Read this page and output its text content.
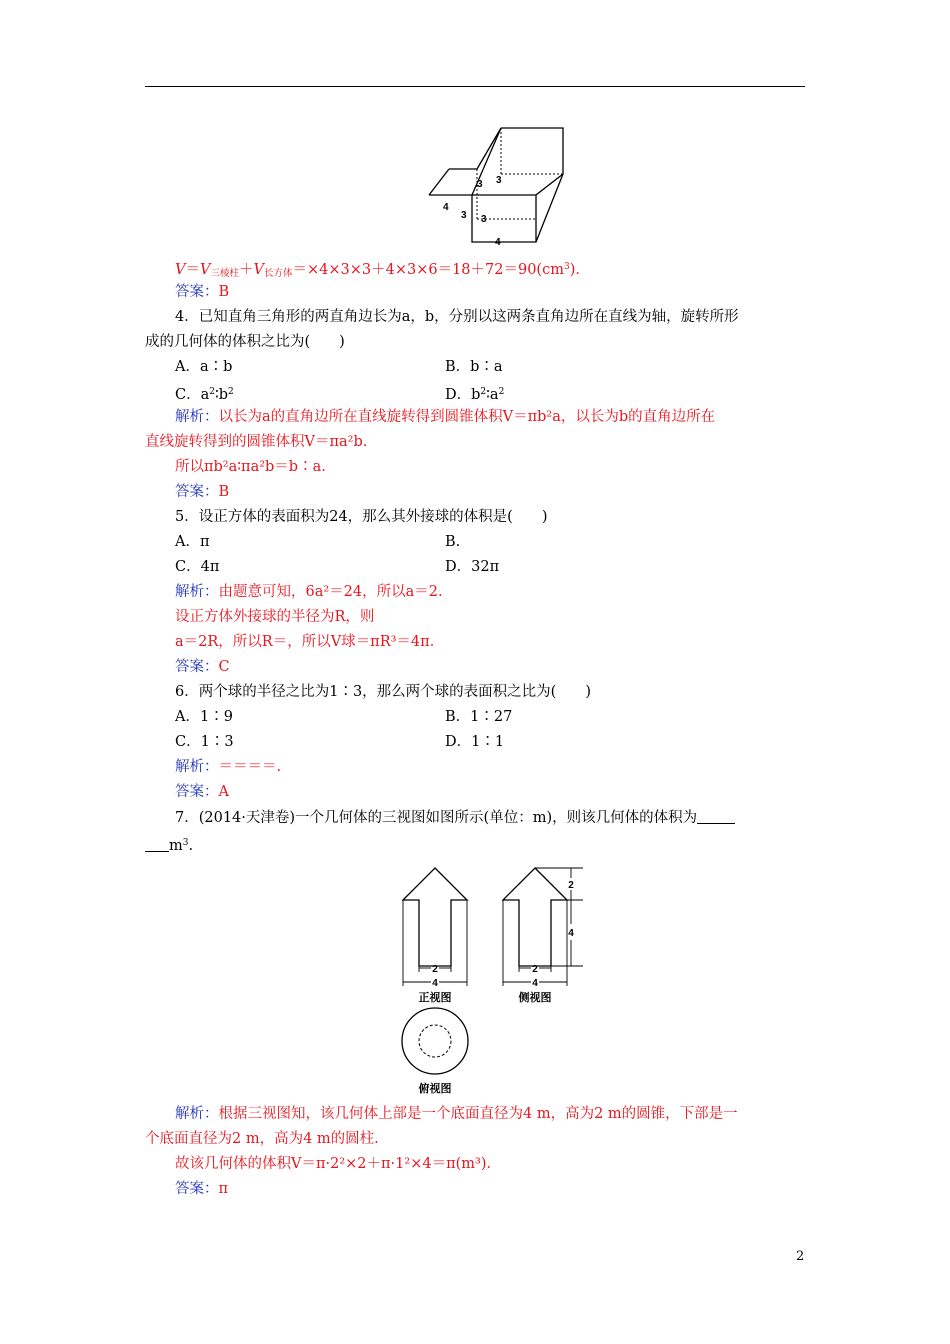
3 3
4
3 3
4
$V=V_{三棱柱}+V_{长方体}=\times 4\times 3\times 3+4\times 3\times 6=18+72=90(cm^3)$．
答案：B
4．已知直角三角形的两直角边长为a，b，分别以这两条直角边所在直线为轴，旋转所形
成的几何体的体积之比为(　　)
A．a∶b	B．b∶a
C．$a^2∶b^2$	D．$b^2∶a^2$
解析：以长为a的直角边所在直线旋转得到圆锥体积V＝πb²a，以长为b的直角边所在
直线旋转得到的圆锥体积V＝πa²b.
所以πb²a∶πa²b＝b∶a.
答案：B
5．设正方体的表面积为24，那么其外接球的体积是(　　)
A．π	B.
C．4π	D．32π
解析：由题意可知，6a²＝24，所以a＝2.
设正方体外接球的半径为R，则
a＝2R，所以R＝，所以V球＝πR³＝4π．
答案：C
6．两个球的半径之比为1∶3，那么两个球的表面积之比为(　　)
A．1∶9	B．1∶27
C．1∶3	D．1∶1
解析：＝＝＝＝.
答案：A
7．(2014·天津卷)一个几何体的三视图如图所示(单位：m)，则该几何体的体积为
$m^3$.
2
4
2
4
2
4
正视图	侧视图
俯视图
解析：根据三视图知，该几何体上部是一个底面直径为4 m，高为2 m的圆锥，下部是一
个底面直径为2 m，高为4 m的圆柱.
故该几何体的体积V＝π·2²×2＋π·1²×4＝π(m³)．
答案：π
2
